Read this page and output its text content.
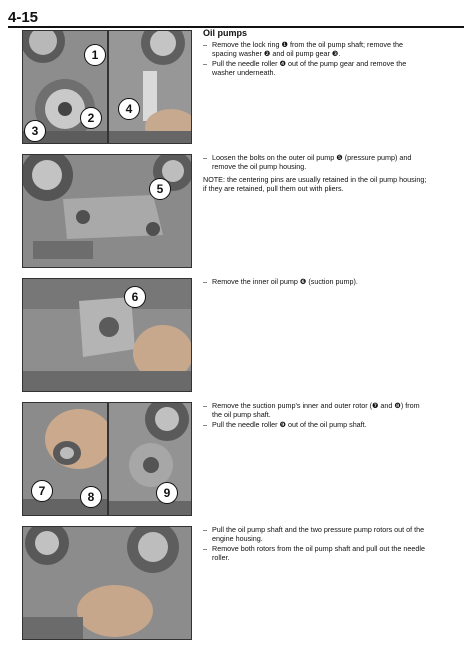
4-15
1
2
3
4
Oil pumps
– Remove the lock ring ❶ from the oil pump shaft; remove the spacing washer ❷ and oil pump gear ❸.
– Pull the needle roller ❹ out of the pump gear and remove the washer underneath.
5
– Loosen the bolts on the outer oil pump ❺ (pressure pump) and remove the oil pump housing.
NOTE: the centering pins are usually retained in the oil pump housing; if they are retained, pull them out with pliers.
6
– Remove the inner oil pump ❻ (suction pump).
7	8	9
– Remove the suction pump's inner and outer rotor (❼ and ❽) from the oil pump shaft.
– Pull the needle roller ❾ out of the oil pump shaft.
– Pull the oil pump shaft and the two pressure pump rotors out of the engine housing.
– Remove both rotors from the oil pump shaft and pull out the needle roller.
